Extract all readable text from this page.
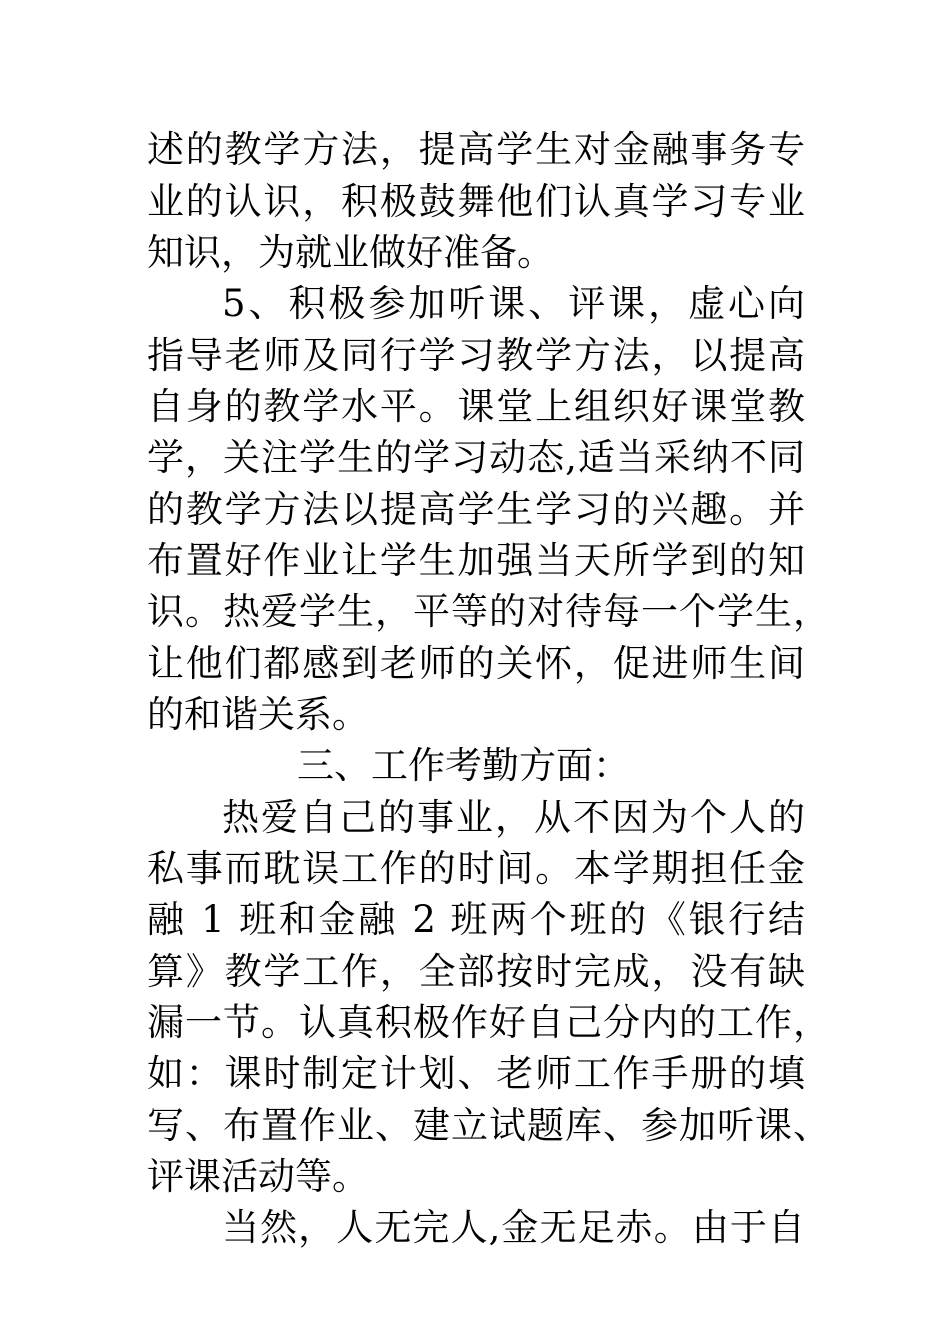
述的教学方法，提高学生对金融事务专
业的认识，积极鼓舞他们认真学习专业
知识，为就业做好准备。
5、积极参加听课、评课，虚心向
指导老师及同行学习教学方法，以提高
自身的教学水平。课堂上组织好课堂教
学，关注学生的学习动态,适当采纳不同
的教学方法以提高学生学习的兴趣。并
布置好作业让学生加强当天所学到的知
识。热爱学生，平等的对待每一个学生，
让他们都感到老师的关怀，促进师生间
的和谐关系。
三、工作考勤方面：
热爱自己的事业，从不因为个人的
私事而耽误工作的时间。本学期担任金
融 1 班和金融 2 班两个班的《银行结
算》教学工作，全部按时完成，没有缺
漏一节。认真积极作好自己分内的工作，
如：课时制定计划、老师工作手册的填
写、布置作业、建立试题库、参加听课、
评课活动等。
当然，人无完人,金无足赤。由于自
